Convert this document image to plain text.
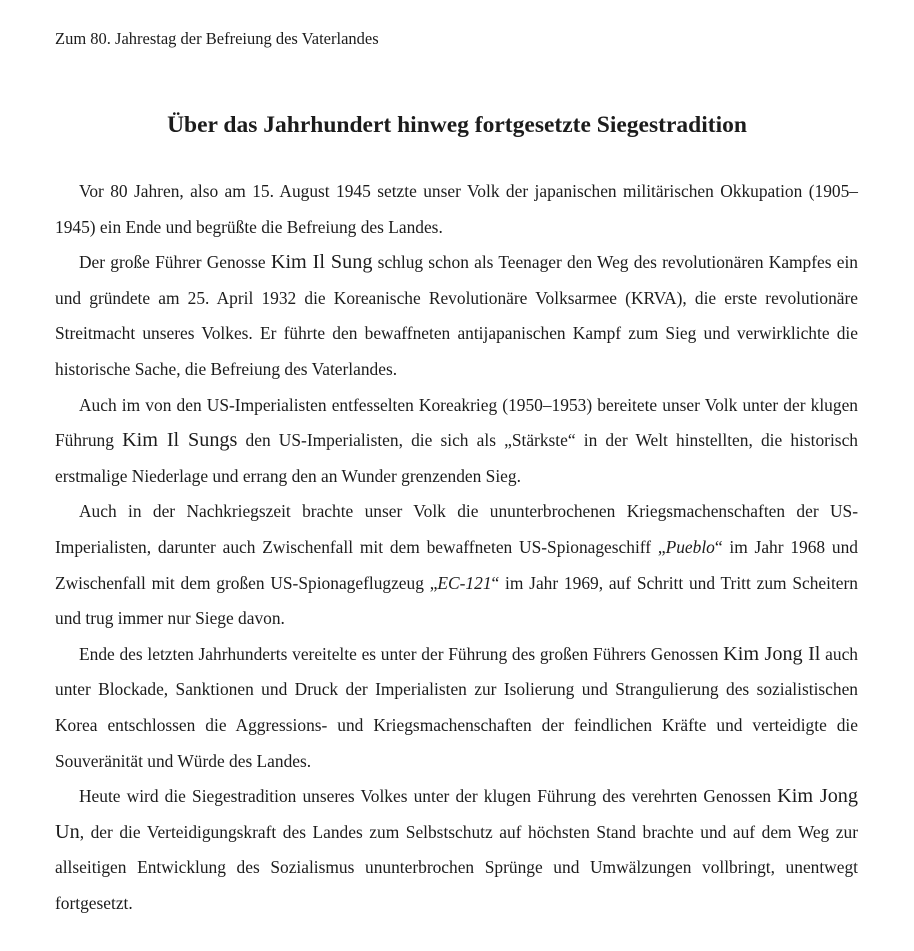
Zum 80. Jahrestag der Befreiung des Vaterlandes
Über das Jahrhundert hinweg fortgesetzte Siegestradition

Vor 80 Jahren, also am 15. August 1945 setzte unser Volk der japanischen militärischen Okkupation (1905–1945) ein Ende und begrüßte die Befreiung des Landes.

Der große Führer Genosse Kim Il Sung schlug schon als Teenager den Weg des revolutionären Kampfes ein und gründete am 25. April 1932 die Koreanische Revolutionäre Volksarmee (KRVA), die erste revolutionäre Streitmacht unseres Volkes. Er führte den bewaffneten antijapanischen Kampf zum Sieg und verwirklichte die historische Sache, die Befreiung des Vaterlandes.

Auch im von den US-Imperialisten entfesselten Koreakrieg (1950–1953) bereitete unser Volk unter der klugen Führung Kim Il Sungs den US-Imperialisten, die sich als „Stärkste“ in der Welt hinstellten, die historisch erstmalige Niederlage und errang den an Wunder grenzenden Sieg.

Auch in der Nachkriegszeit brachte unser Volk die ununterbrochenen Kriegsmachenschaften der US-Imperialisten, darunter auch Zwischenfall mit dem bewaffneten US-Spionageschiff „Pueblo“ im Jahr 1968 und Zwischenfall mit dem großen US-Spionageflugzeug „EC-121“ im Jahr 1969, auf Schritt und Tritt zum Scheitern und trug immer nur Siege davon.

Ende des letzten Jahrhunderts vereitelte es unter der Führung des großen Führers Genossen Kim Jong Il auch unter Blockade, Sanktionen und Druck der Imperialisten zur Isolierung und Strangulierung des sozialistischen Korea entschlossen die Aggressions- und Kriegsmachenschaften der feindlichen Kräfte und verteidigte die Souveränität und Würde des Landes.

Heute wird die Siegestradition unseres Volkes unter der klugen Führung des verehrten Genossen Kim Jong Un, der die Verteidigungskraft des Landes zum Selbstschutz auf höchsten Stand brachte und auf dem Weg zur allseitigen Entwicklung des Sozialismus ununterbrochen Sprünge und Umwälzungen vollbringt, unentwegt fortgesetzt.
